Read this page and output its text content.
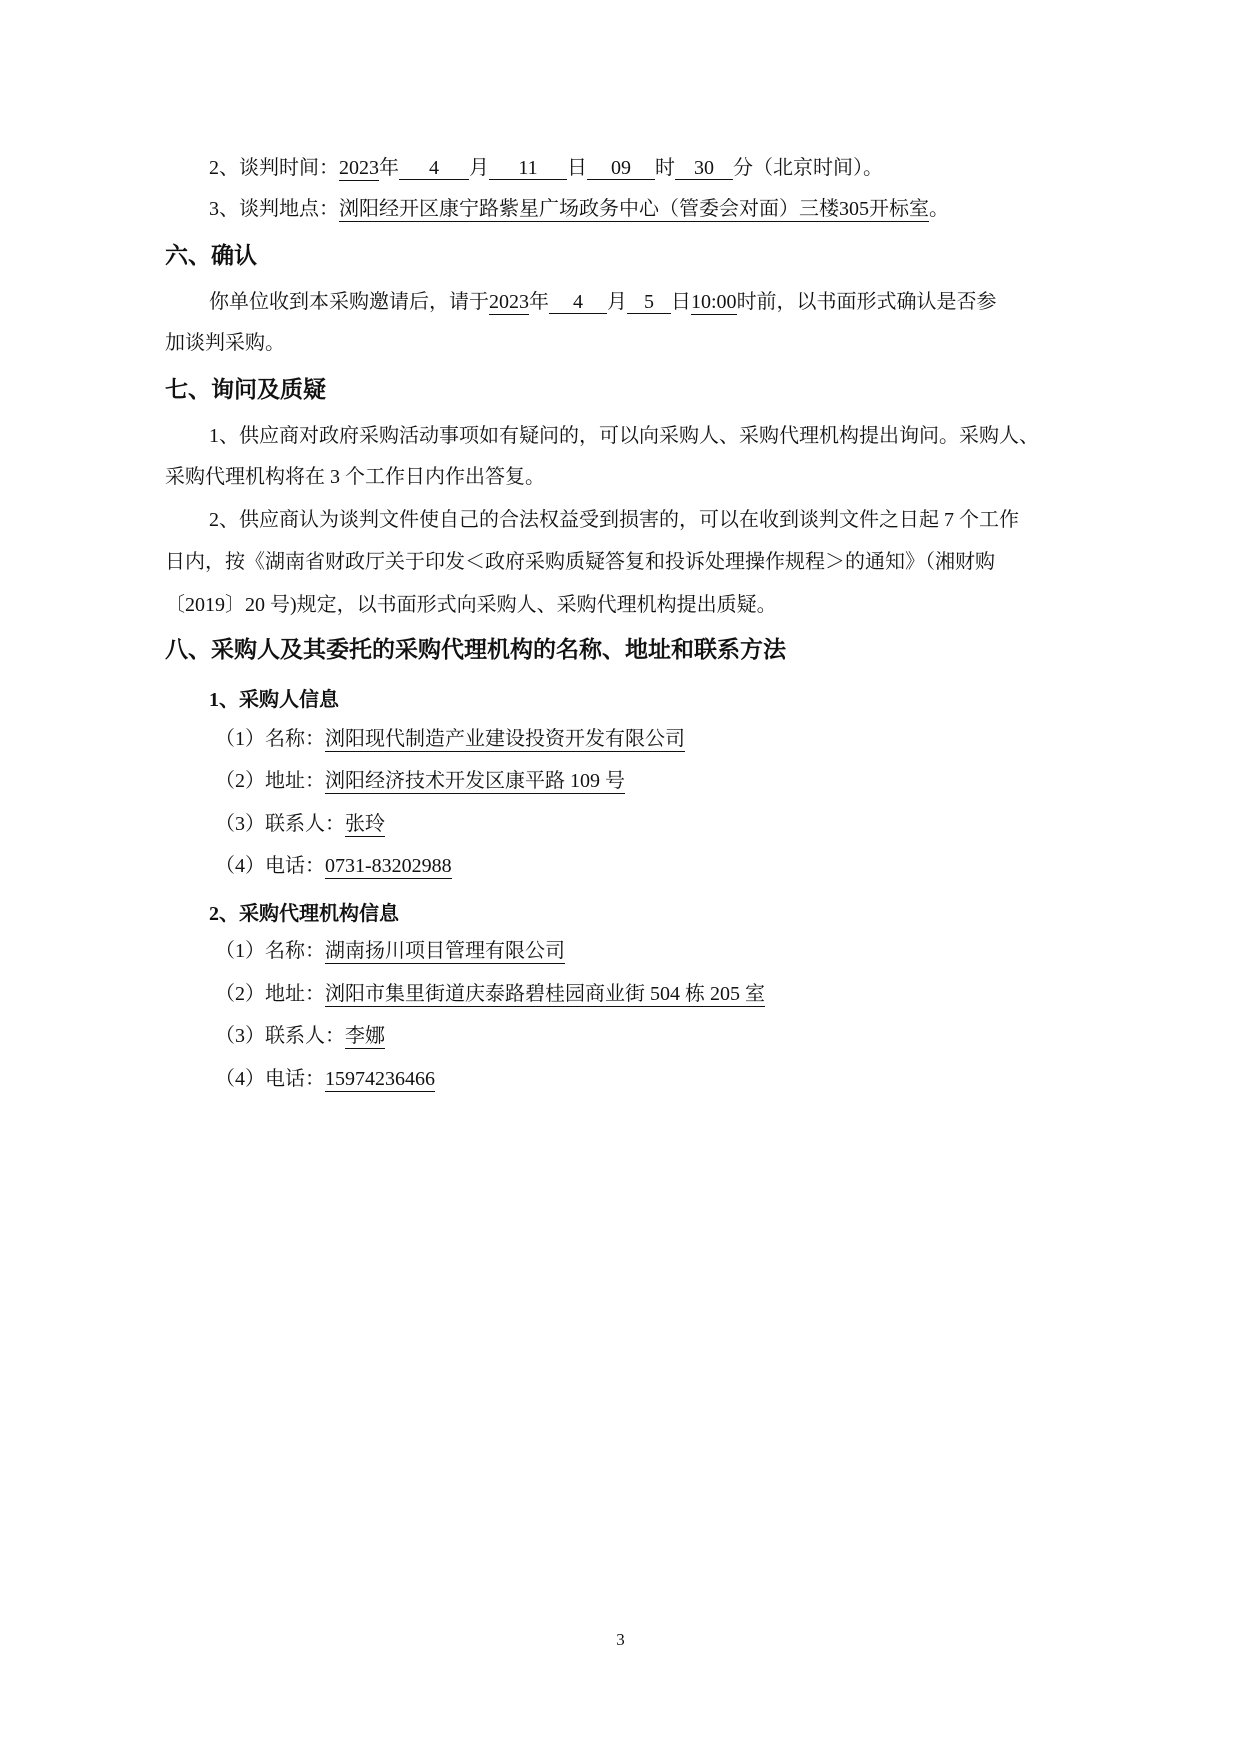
2、谈判时间：2023年 4 月 11 日 09 时 30 分（北京时间）。
3、谈判地点：浏阳经开区康宁路紫星广场政务中心（管委会对面）三楼305开标室。
六、确认
你单位收到本采购邀请后，请于2023年 4 月 5 日10:00时前，以书面形式确认是否参
加谈判采购。
七、询问及质疑
1、供应商对政府采购活动事项如有疑问的，可以向采购人、采购代理机构提出询问。采购人、
采购代理机构将在 3 个工作日内作出答复。
2、供应商认为谈判文件使自己的合法权益受到损害的，可以在收到谈判文件之日起 7 个工作
日内，按《湖南省财政厅关于印发＜政府采购质疑答复和投诉处理操作规程＞的通知》（湘财购
〔2019〕20 号)规定，以书面形式向采购人、采购代理机构提出质疑。
八、采购人及其委托的采购代理机构的名称、地址和联系方法
1、采购人信息
（1）名称：浏阳现代制造产业建设投资开发有限公司
（2）地址：浏阳经济技术开发区康平路 109 号
（3）联系人：张玲
（4）电话：0731-83202988
2、采购代理机构信息
（1）名称：湖南扬川项目管理有限公司
（2）地址：浏阳市集里街道庆泰路碧桂园商业街 504 栋 205 室
（3）联系人：李娜
（4）电话：15974236466
3
